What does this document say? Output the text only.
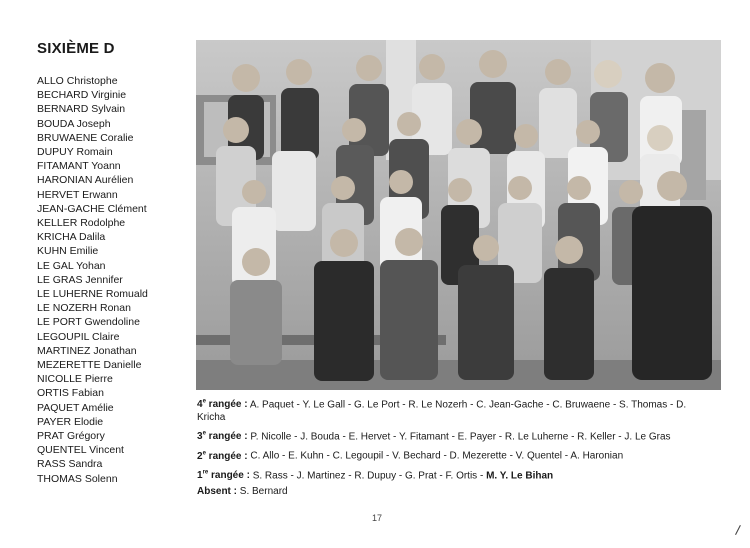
SIXIÈME D
ALLO Christophe
BECHARD Virginie
BERNARD Sylvain
BOUDA Joseph
BRUWAENE Coralie
DUPUY Romain
FITAMANT Yoann
HARONIAN Aurélien
HERVET Erwann
JEAN-GACHE Clément
KELLER Rodolphe
KRICHA Dalila
KUHN Emilie
LE GAL Yohan
LE GRAS Jennifer
LE LUHERNE Romuald
LE NOZERH Ronan
LE PORT Gwendoline
LEGOUPIL Claire
MARTINEZ Jonathan
MEZERETTE Danielle
NICOLLE Pierre
ORTIS Fabian
PAQUET Amélie
PAYER Elodie
PRAT Grégory
QUENTEL Vincent
RASS Sandra
THOMAS Solenn

4e rangée : A. Paquet - Y. Le Gall - G. Le Port - R. Le Nozerh - C. Jean-Gache - C. Bruwaene - S. Thomas - D. Kricha

3e rangée : P. Nicolle - J. Bouda - E. Hervet - Y. Fitamant - E. Payer - R. Le Luherne - R. Keller - J. Le Gras

2e rangée : C. Allo - E. Kuhn - C. Legoupil - V. Bechard - D. Mezerette - V. Quentel - A. Haronian

1re rangée : S. Rass - J. Martinez - R. Dupuy - G. Prat - F. Ortis - M. Y. Le Bihan

Absent : S. Bernard

17
/
